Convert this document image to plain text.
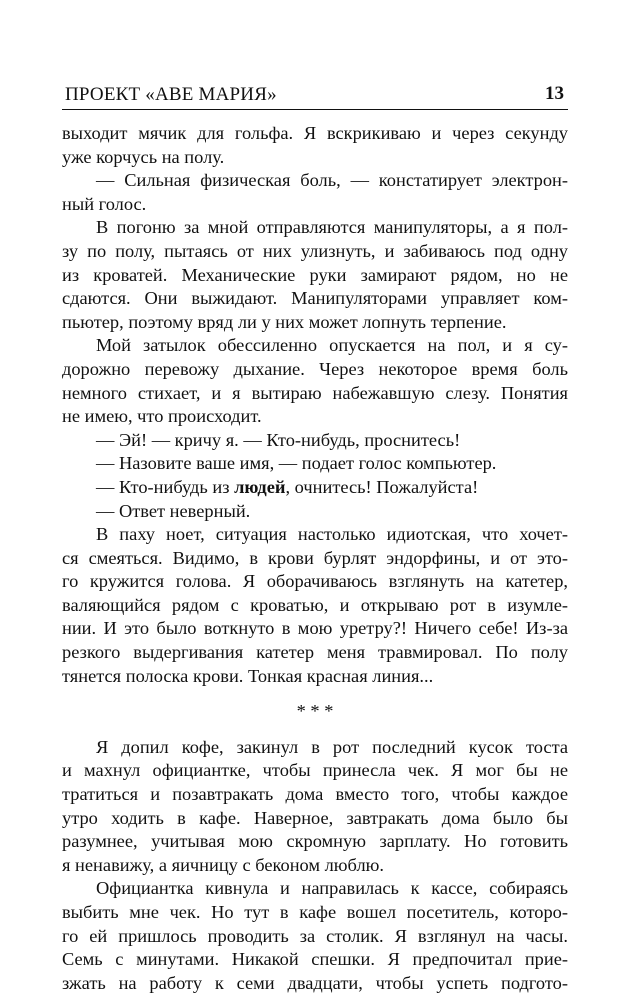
ПРОЕКТ «АВЕ МАРИЯ»	13
выходит мячик для гольфа. Я вскрикиваю и через секунду
уже корчусь на полу.
— Сильная физическая боль, — констатирует электрон-
ный голос.
В погоню за мной отправляются манипуляторы, а я пол-
зу по полу, пытаясь от них улизнуть, и забиваюсь под одну
из кроватей. Механические руки замирают рядом, но не
сдаются. Они выжидают. Манипуляторами управляет ком-
пьютер, поэтому вряд ли у них может лопнуть терпение.
Мой затылок обессиленно опускается на пол, и я су-
дорожно перевожу дыхание. Через некоторое время боль
немного стихает, и я вытираю набежавшую слезу. Понятия
не имею, что происходит.
— Эй! — кричу я. — Кто-нибудь, проснитесь!
— Назовите ваше имя, — подает голос компьютер.
— Кто-нибудь из людей, очнитесь! Пожалуйста!
— Ответ неверный.
В паху ноет, ситуация настолько идиотская, что хочет-
ся смеяться. Видимо, в крови бурлят эндорфины, и от это-
го кружится голова. Я оборачиваюсь взглянуть на катетер,
валяющийся рядом с кроватью, и открываю рот в изумле-
нии. И это было воткнуто в мою уретру?! Ничего себе! Из-за
резкого выдергивания катетер меня травмировал. По полу
тянется полоска крови. Тонкая красная линия...
* * *
Я допил кофе, закинул в рот последний кусок тоста
и махнул официантке, чтобы принесла чек. Я мог бы не
тратиться и позавтракать дома вместо того, чтобы каждое
утро ходить в кафе. Наверное, завтракать дома было бы
разумнее, учитывая мою скромную зарплату. Но готовить
я ненавижу, а яичницу с беконом люблю.
Официантка кивнула и направилась к кассе, собираясь
выбить мне чек. Но тут в кафе вошел посетитель, которо-
го ей пришлось проводить за столик. Я взглянул на часы.
Семь с минутами. Никакой спешки. Я предпочитал прие-
зжать на работу к семи двадцати, чтобы успеть подгото-
